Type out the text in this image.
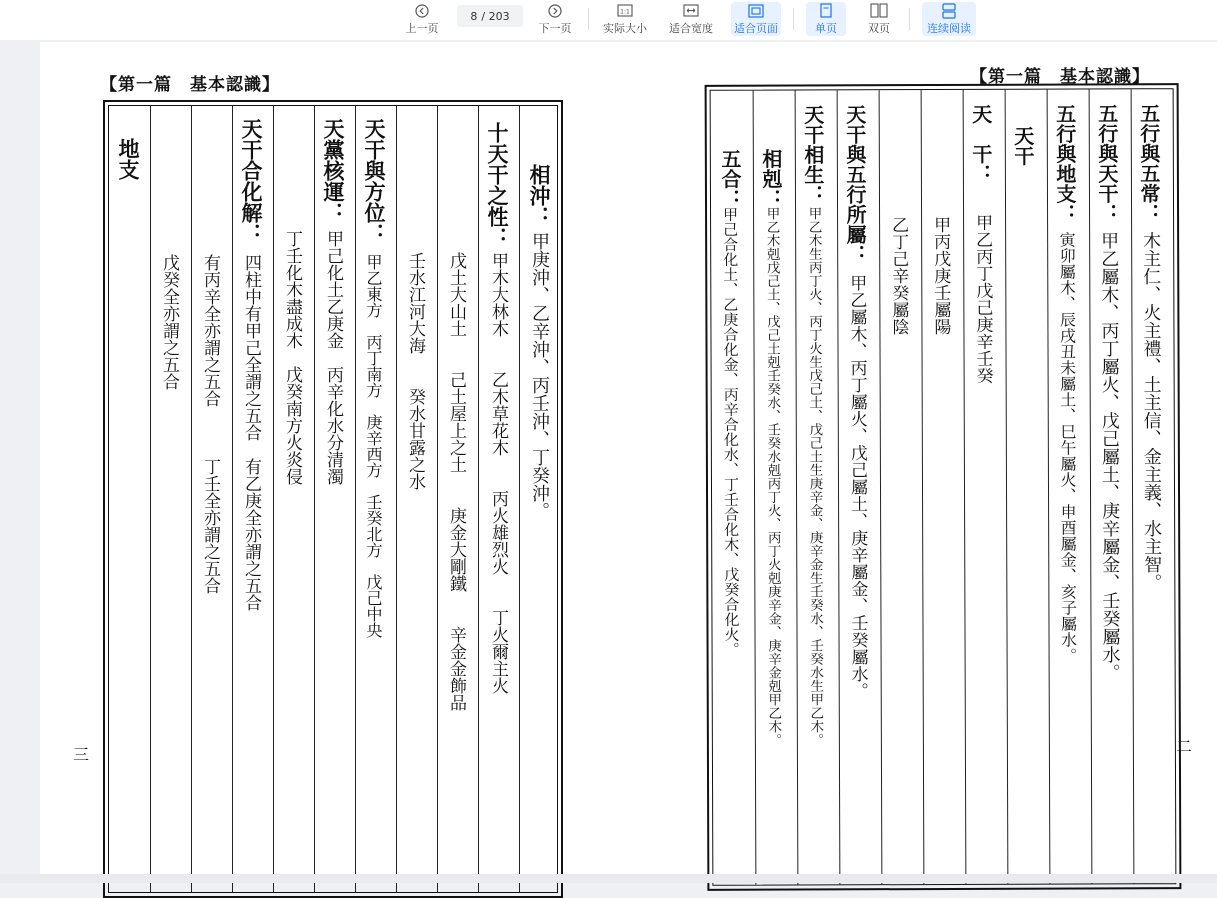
上一页
8 / 203
下一页
1:1
实际大小 适合宽度 适合页面	单页	双页	连续阅读
【第一篇　基本認識】
相沖：
甲庚沖、乙辛沖、丙壬沖、丁癸沖。
十天干之性：
甲木大林木　　乙木草花木　　丙火雄烈火　　丁火爾主火
戊土大山土　　己土屋上之土　　庚金大剛鐵　　辛金金飾品
壬水江河大海　　癸水甘露之水
天干與方位：
甲乙東方　丙丁南方　庚辛西方　壬癸北方　戊己中央
天黨核運：
甲己化土乙庚金　丙辛化水分清濁
丁壬化木盡成木　戊癸南方火炎侵
天干合化解：
四柱中有甲己全謂之五合　有乙庚全亦謂之五合
有丙辛全亦謂之五合　　　丁壬全亦謂之五合
戊癸全亦謂之五合
地支
三
【第一篇　基本認識】
五行與五常：
木主仁、火主禮、土主信、金主義、水主智。
五行與天干：
甲乙屬木、丙丁屬火、戊己屬土、庚辛屬金、壬癸屬水。
五行與地支：
寅卯屬木、辰戌丑未屬土、巳午屬火、申酉屬金、亥子屬水。
天干
天　干：
甲乙丙丁戊己庚辛壬癸
甲丙戊庚壬屬陽
乙丁己辛癸屬陰
天干與五行所屬：
甲乙屬木、丙丁屬火、戊己屬土、庚辛屬金、壬癸屬水。
天干相生：
甲乙木生丙丁火、丙丁火生戊己土、戊己土生庚辛金、庚辛金生壬癸水、壬癸水生甲乙木。
相剋：
甲乙木剋戊己土、戊己土剋壬癸水、壬癸水剋丙丁火、丙丁火剋庚辛金、庚辛金剋甲乙木。
五合：
甲己合化土、乙庚合化金、丙辛合化水、丁壬合化木、戊癸合化火。
二
